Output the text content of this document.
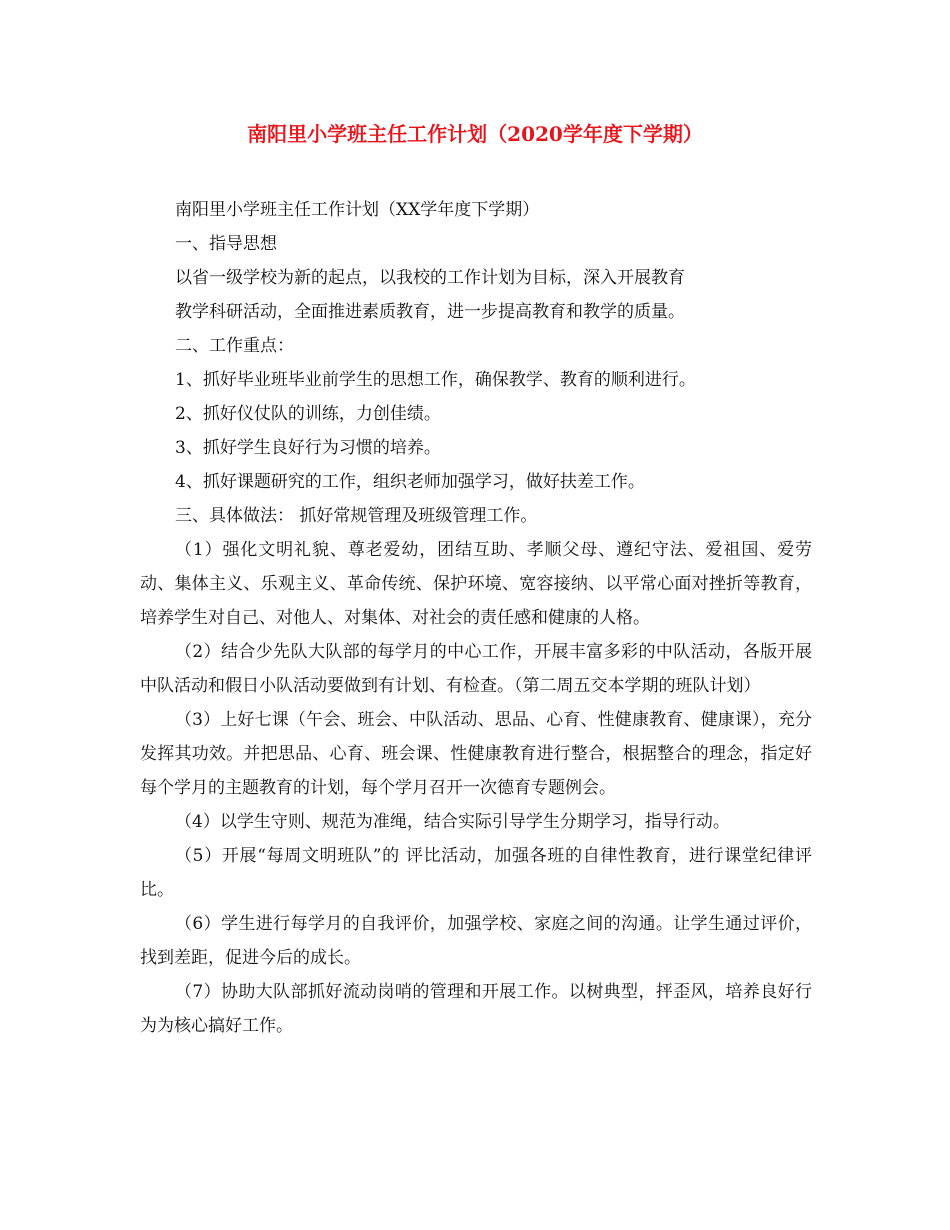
南阳里小学班主任工作计划（2020学年度下学期）
南阳里小学班主任工作计划（XX学年度下学期）
一、指导思想
以省一级学校为新的起点，以我校的工作计划为目标，深入开展教育
教学科研活动，全面推进素质教育，进一步提高教育和教学的质量。
二、工作重点：
1、抓好毕业班毕业前学生的思想工作，确保教学、教育的顺利进行。
2、抓好仪仗队的训练，力创佳绩。
3、抓好学生良好行为习惯的培养。
4、抓好课题研究的工作，组织老师加强学习，做好扶差工作。
三、具体做法： 抓好常规管理及班级管理工作。
（1）强化文明礼貌、尊老爱幼，团结互助、孝顺父母、遵纪守法、爱祖国、爱劳动、集体主义、乐观主义、革命传统、保护环境、宽容接纳、以平常心面对挫折等教育，培养学生对自己、对他人、对集体、对社会的责任感和健康的人格。
（2）结合少先队大队部的每学月的中心工作，开展丰富多彩的中队活动，各版开展中队活动和假日小队活动要做到有计划、有检查。（第二周五交本学期的班队计划）
（3）上好七课（午会、班会、中队活动、思品、心育、性健康教育、健康课），充分发挥其功效。并把思品、心育、班会课、性健康教育进行整合，根据整合的理念，指定好每个学月的主题教育的计划，每个学月召开一次德育专题例会。
（4）以学生守则、规范为准绳，结合实际引导学生分期学习，指导行动。
（5）开展“每周文明班队”的 评比活动，加强各班的自律性教育，进行课堂纪律评比。
（6）学生进行每学月的自我评价，加强学校、家庭之间的沟通。让学生通过评价，找到差距，促进今后的成长。
（7）协助大队部抓好流动岗哨的管理和开展工作。以树典型，抨歪风，培养良好行为为核心搞好工作。
